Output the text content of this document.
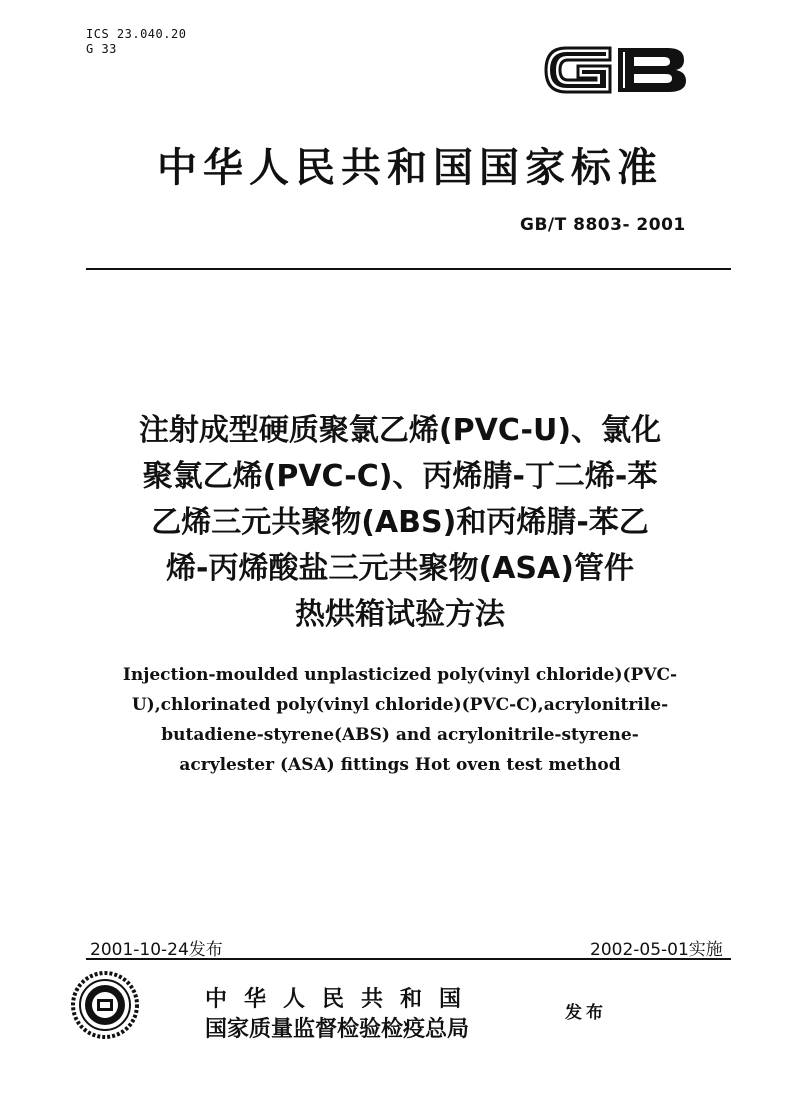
ICS 23.040.20
G 33
中华人民共和国国家标准
GB/T 8803- 2001
注射成型硬质聚氯乙烯(PVC-U)、氯化
聚氯乙烯(PVC-C)、丙烯腈-丁二烯-苯
乙烯三元共聚物(ABS)和丙烯腈-苯乙
烯-丙烯酸盐三元共聚物(ASA)管件
热烘箱试验方法
Injection-moulded unplasticized poly(vinyl chloride)(PVC-
U),chlorinated poly(vinyl chloride)(PVC-C),acrylonitrile-
butadiene-styrene(ABS) and acrylonitrile-styrene-
acrylester (ASA) fittings Hot oven test method
2001-10-24发布	2002-05-01实施
中华人民共和国
国家质量监督检验检疫总局
发布
